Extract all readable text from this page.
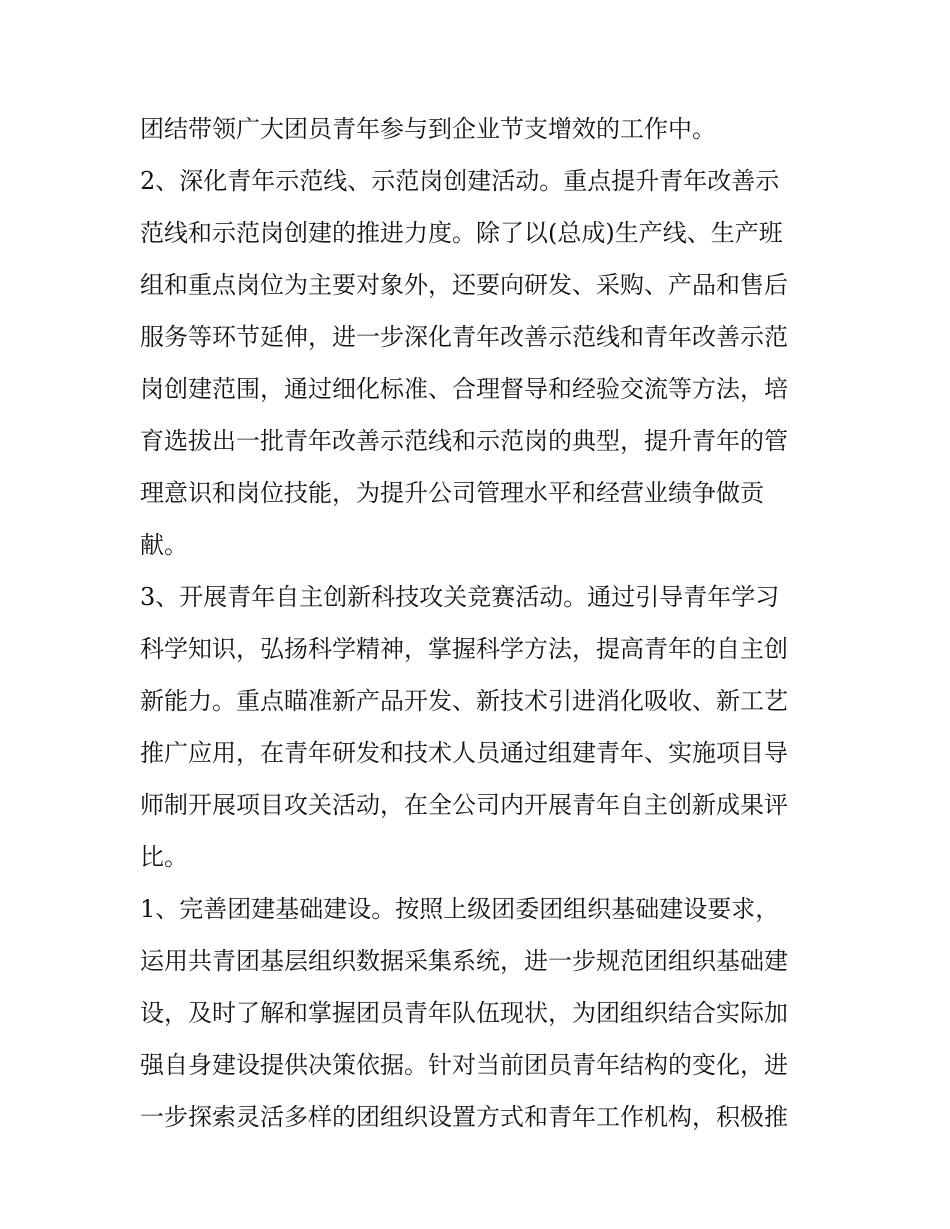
团结带领广大团员青年参与到企业节支增效的工作中。
2、深化青年示范线、示范岗创建活动。重点提升青年改善示
范线和示范岗创建的推进力度。除了以(总成)生产线、生产班
组和重点岗位为主要对象外，还要向研发、采购、产品和售后
服务等环节延伸，进一步深化青年改善示范线和青年改善示范
岗创建范围，通过细化标准、合理督导和经验交流等方法，培
育选拔出一批青年改善示范线和示范岗的典型，提升青年的管
理意识和岗位技能，为提升公司管理水平和经营业绩争做贡
献。
3、开展青年自主创新科技攻关竞赛活动。通过引导青年学习
科学知识，弘扬科学精神，掌握科学方法，提高青年的自主创
新能力。重点瞄准新产品开发、新技术引进消化吸收、新工艺
推广应用，在青年研发和技术人员通过组建青年、实施项目导
师制开展项目攻关活动，在全公司内开展青年自主创新成果评
比。
1、完善团建基础建设。按照上级团委团组织基础建设要求，
运用共青团基层组织数据采集系统，进一步规范团组织基础建
设，及时了解和掌握团员青年队伍现状，为团组织结合实际加
强自身建设提供决策依据。针对当前团员青年结构的变化，进
一步探索灵活多样的团组织设置方式和青年工作机构，积极推
